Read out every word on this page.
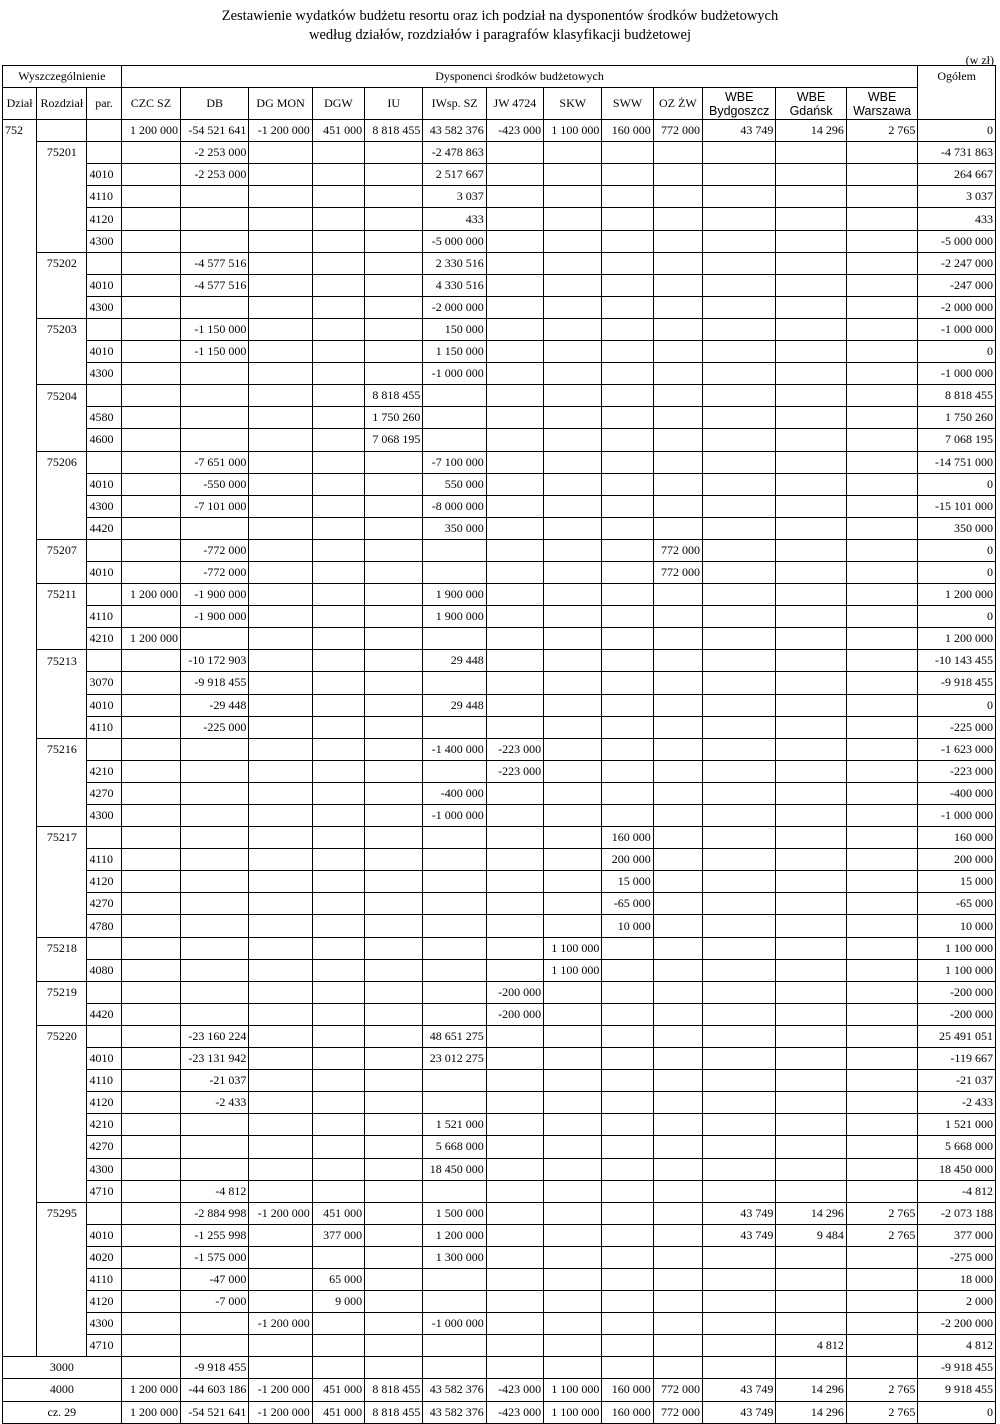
Zestawienie wydatków budżetu resortu oraz ich podział na dysponentów środków budżetowych
według działów, rozdziałów i paragrafów klasyfikacji budżetowej
(w zł)
Wyszczególnienie			Dysponenci środków budżetowych													Ogółem
Dział	Rozdział	par.	CZC SZ	DB	DG MON	DGW	IU	IWsp. SZ	JW 4724	SKW	SWW	OZ ŻW	WBE Bydgoszcz	WBE Gdańsk	WBE Warszawa	
752			1 200 000	-54 521 641	-1 200 000	451 000	8 818 455	43 582 376	-423 000	1 100 000	160 000	772 000	43 749	14 296	2 765	0
	75201			-2 253 000				-2 478 863								-4 731 863
		4010		-2 253 000				2 517 667								264 667
		4110						3 037								3 037
		4120						433								433
		4300						-5 000 000								-5 000 000
	75202			-4 577 516				2 330 516								-2 247 000
		4010		-4 577 516				4 330 516								-247 000
		4300						-2 000 000								-2 000 000
	75203			-1 150 000				150 000								-1 000 000
		4010		-1 150 000				1 150 000								0
		4300						-1 000 000								-1 000 000
	75204						8 818 455									8 818 455
		4580					1 750 260									1 750 260
		4600					7 068 195									7 068 195
	75206			-7 651 000				-7 100 000								-14 751 000
		4010		-550 000				550 000								0
		4300		-7 101 000				-8 000 000								-15 101 000
		4420						350 000								350 000
	75207			-772 000								772 000				0
		4010		-772 000								772 000				0
	75211		1 200 000	-1 900 000				1 900 000								1 200 000
		4110		-1 900 000				1 900 000								0
		4210	1 200 000													1 200 000
	75213			-10 172 903				29 448								-10 143 455
		3070		-9 918 455												-9 918 455
		4010		-29 448				29 448								0
		4110		-225 000												-225 000
	75216							-1 400 000	-223 000							-1 623 000
		4210							-223 000							-223 000
		4270						-400 000								-400 000
		4300						-1 000 000								-1 000 000
	75217										160 000					160 000
		4110									200 000					200 000
		4120									15 000					15 000
		4270									-65 000					-65 000
		4780									10 000					10 000
	75218									1 100 000						1 100 000
		4080								1 100 000						1 100 000
	75219								-200 000							-200 000
		4420							-200 000							-200 000
	75220			-23 160 224				48 651 275								25 491 051
		4010		-23 131 942				23 012 275								-119 667
		4110		-21 037												-21 037
		4120		-2 433												-2 433
		4210						1 521 000								1 521 000
		4270						5 668 000								5 668 000
		4300						18 450 000								18 450 000
		4710		-4 812												-4 812
	75295			-2 884 998	-1 200 000	451 000		1 500 000					43 749	14 296	2 765	-2 073 188
		4010		-1 255 998		377 000		1 200 000					43 749	9 484	2 765	377 000
		4020		-1 575 000				1 300 000								-275 000
		4110		-47 000		65 000										18 000
		4120		-7 000		9 000										2 000
		4300			-1 200 000			-1 000 000								-2 200 000
		4710												4 812		4 812
3000				-9 918 455												-9 918 455
4000			1 200 000	-44 603 186	-1 200 000	451 000	8 818 455	43 582 376	-423 000	1 100 000	160 000	772 000	43 749	14 296	2 765	9 918 455
cz. 29			1 200 000	-54 521 641	-1 200 000	451 000	8 818 455	43 582 376	-423 000	1 100 000	160 000	772 000	43 749	14 296	2 765	0
